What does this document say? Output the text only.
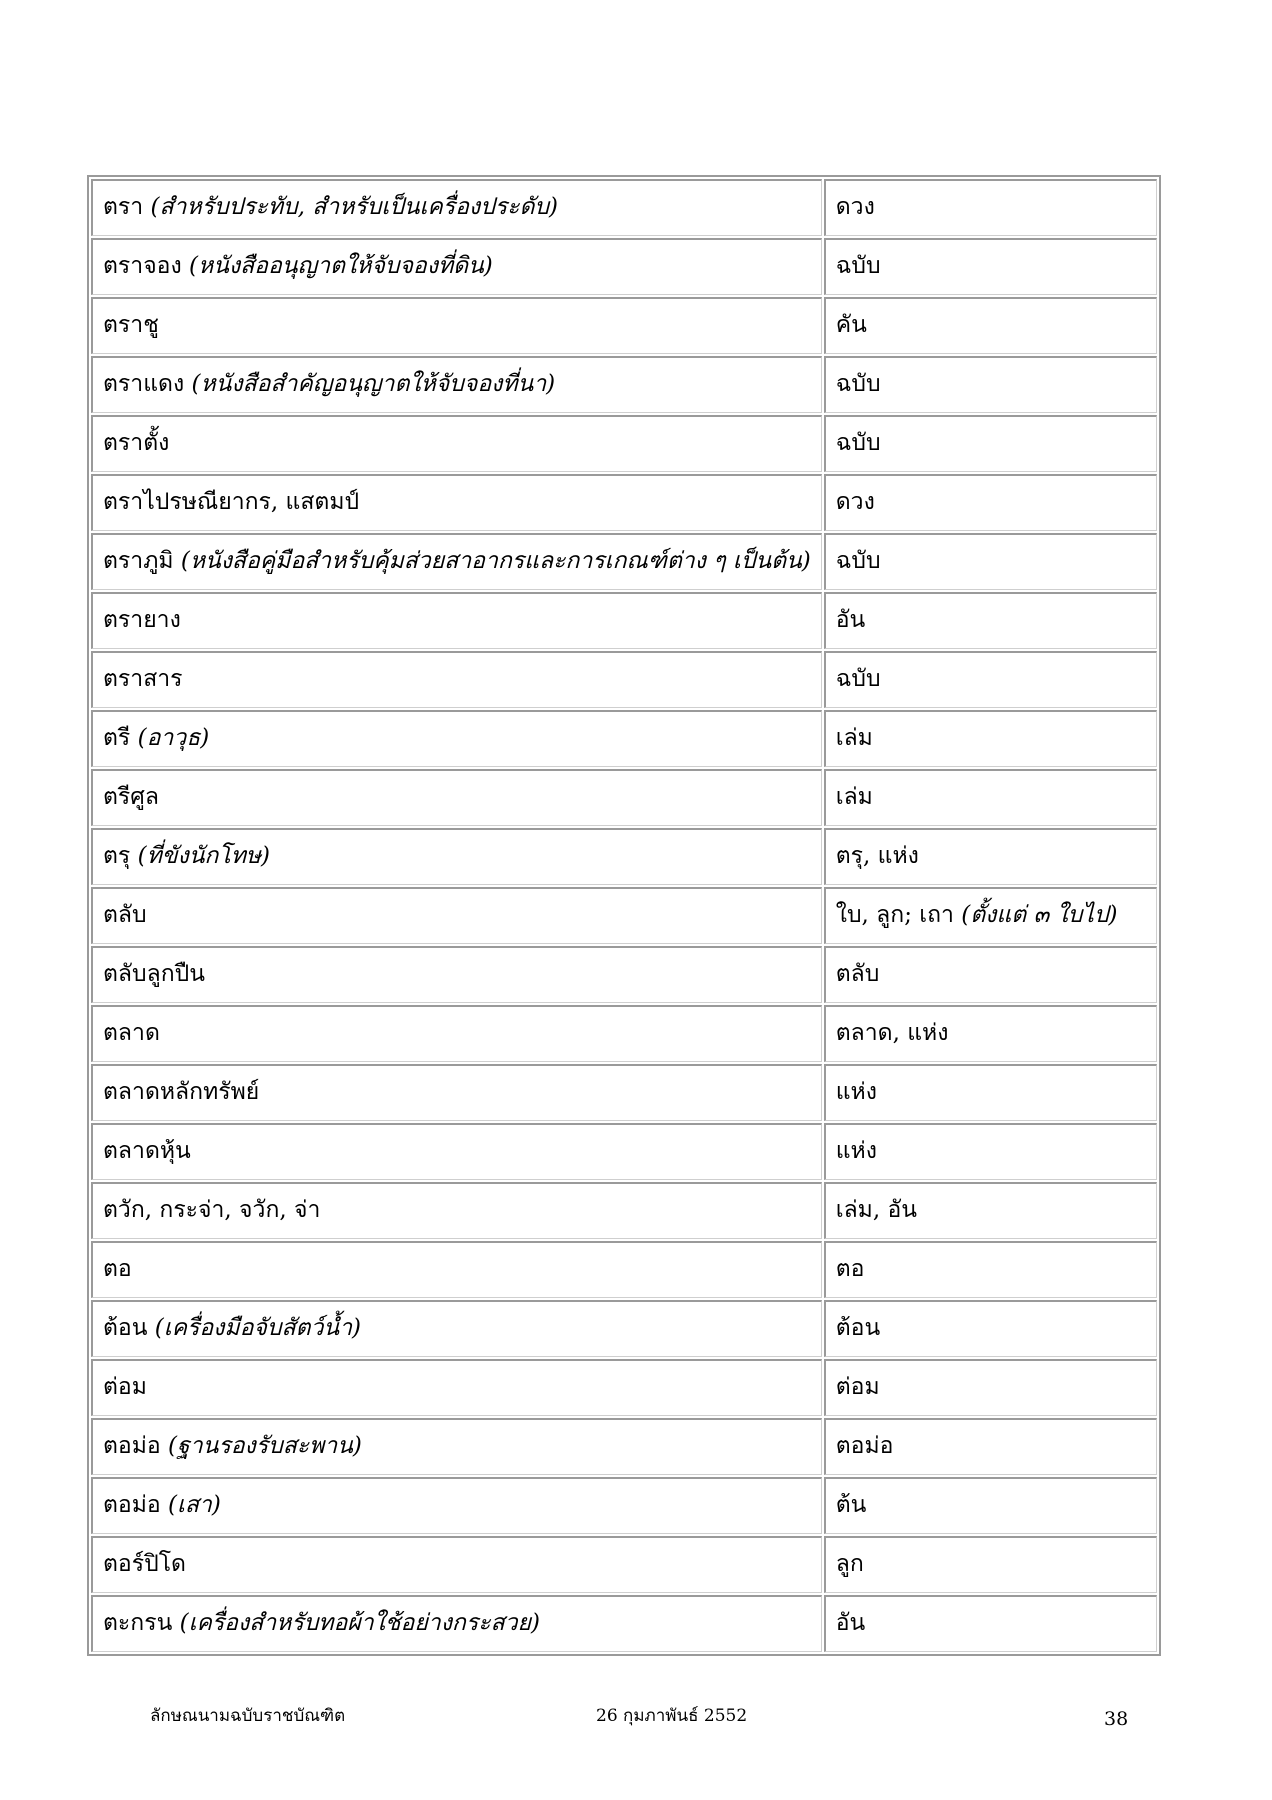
ตรา (สำหรับประทับ, สำหรับเป็นเครื่องประดับ)	ดวง
ตราจอง (หนังสืออนุญาตให้จับจองที่ดิน)	ฉบับ
ตราชู	คัน
ตราแดง (หนังสือสำคัญอนุญาตให้จับจองที่นา)	ฉบับ
ตราตั้ง	ฉบับ
ตราไปรษณียากร, แสตมป์	ดวง
ตราภูมิ (หนังสือคู่มือสำหรับคุ้มส่วยสาอากรและการเกณฑ์ต่าง ๆ เป็นต้น)	ฉบับ
ตรายาง	อัน
ตราสาร	ฉบับ
ตรี (อาวุธ)	เล่ม
ตรีศูล	เล่ม
ตรุ (ที่ขังนักโทษ)	ตรุ, แห่ง
ตลับ	ใบ, ลูก; เถา (ตั้งแต่ ๓ ใบไป)
ตลับลูกปืน	ตลับ
ตลาด	ตลาด, แห่ง
ตลาดหลักทรัพย์	แห่ง
ตลาดหุ้น	แห่ง
ตวัก, กระจ่า, จวัก, จ่า	เล่ม, อัน
ตอ	ตอ
ต้อน (เครื่องมือจับสัตว์น้ำ)	ต้อน
ต่อม	ต่อม
ตอม่อ (ฐานรองรับสะพาน)	ตอม่อ
ตอม่อ (เสา)	ต้น
ตอร์ปิโด	ลูก
ตะกรน (เครื่องสำหรับทอผ้าใช้อย่างกระสวย)	อัน
ลักษณนามฉบับราชบัณฑิต	26 กุมภาพันธ์ 2552	38
